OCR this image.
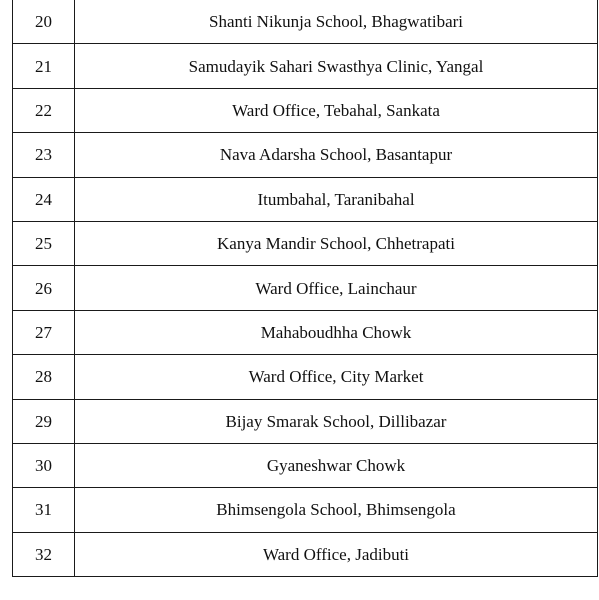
20	Shanti Nikunja School, Bhagwatibari
21	Samudayik Sahari Swasthya Clinic, Yangal
22	Ward Office, Tebahal, Sankata
23	Nava Adarsha School, Basantapur
24	Itumbahal, Taranibahal
25	Kanya Mandir School, Chhetrapati
26	Ward Office, Lainchaur
27	Mahaboudhha Chowk
28	Ward Office, City Market
29	Bijay Smarak School, Dillibazar
30	Gyaneshwar Chowk
31	Bhimsengola School, Bhimsengola
32	Ward Office, Jadibuti
